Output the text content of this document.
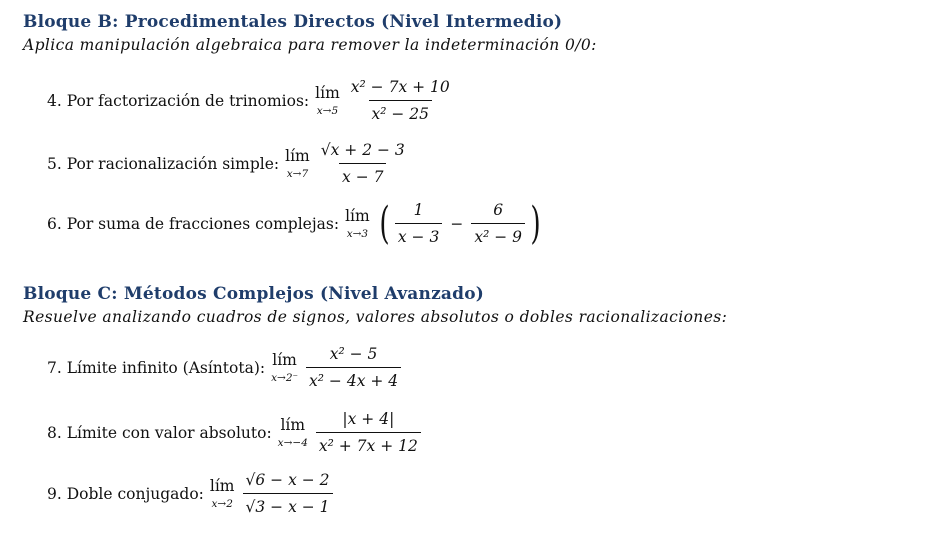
Bloque B: Procedimentales Directos (Nivel Intermedio)

Aplica manipulación algebraica para remover la indeterminación 0/0:

4. Por factorización de trinomios: lím
$x\to 5 \frac{\text{x² − 7x + 10}}{\text{x² − 25}}$
5. Por racionalización simple: lím
$x\to 7 \frac{√x + 2 - 3}{x - 7}$
6. Por suma de fracciones complejas: lím
x→3 ( $\frac{1}{x - 3} - \frac{6}{\text{x² − 9}}$ )

Bloque C: Métodos Complejos (Nivel Avanzado)

Resuelve analizando cuadros de signos, valores absolutos o dobles racionalizaciones:

7. Límite infinito (Asíntota): lím
$x\to 2^- \frac{\text{x² − 5}}{\text{x² − 4x + 4}}$
8. Límite con valor absoluto: lím
$x\to-4 \frac{|x + 4|}{\text{x² + 7x + 12}}$
9. Doble conjugado: lím
$x\to 2 \frac{√6 - x - 2}{√3 - x - 1}$
